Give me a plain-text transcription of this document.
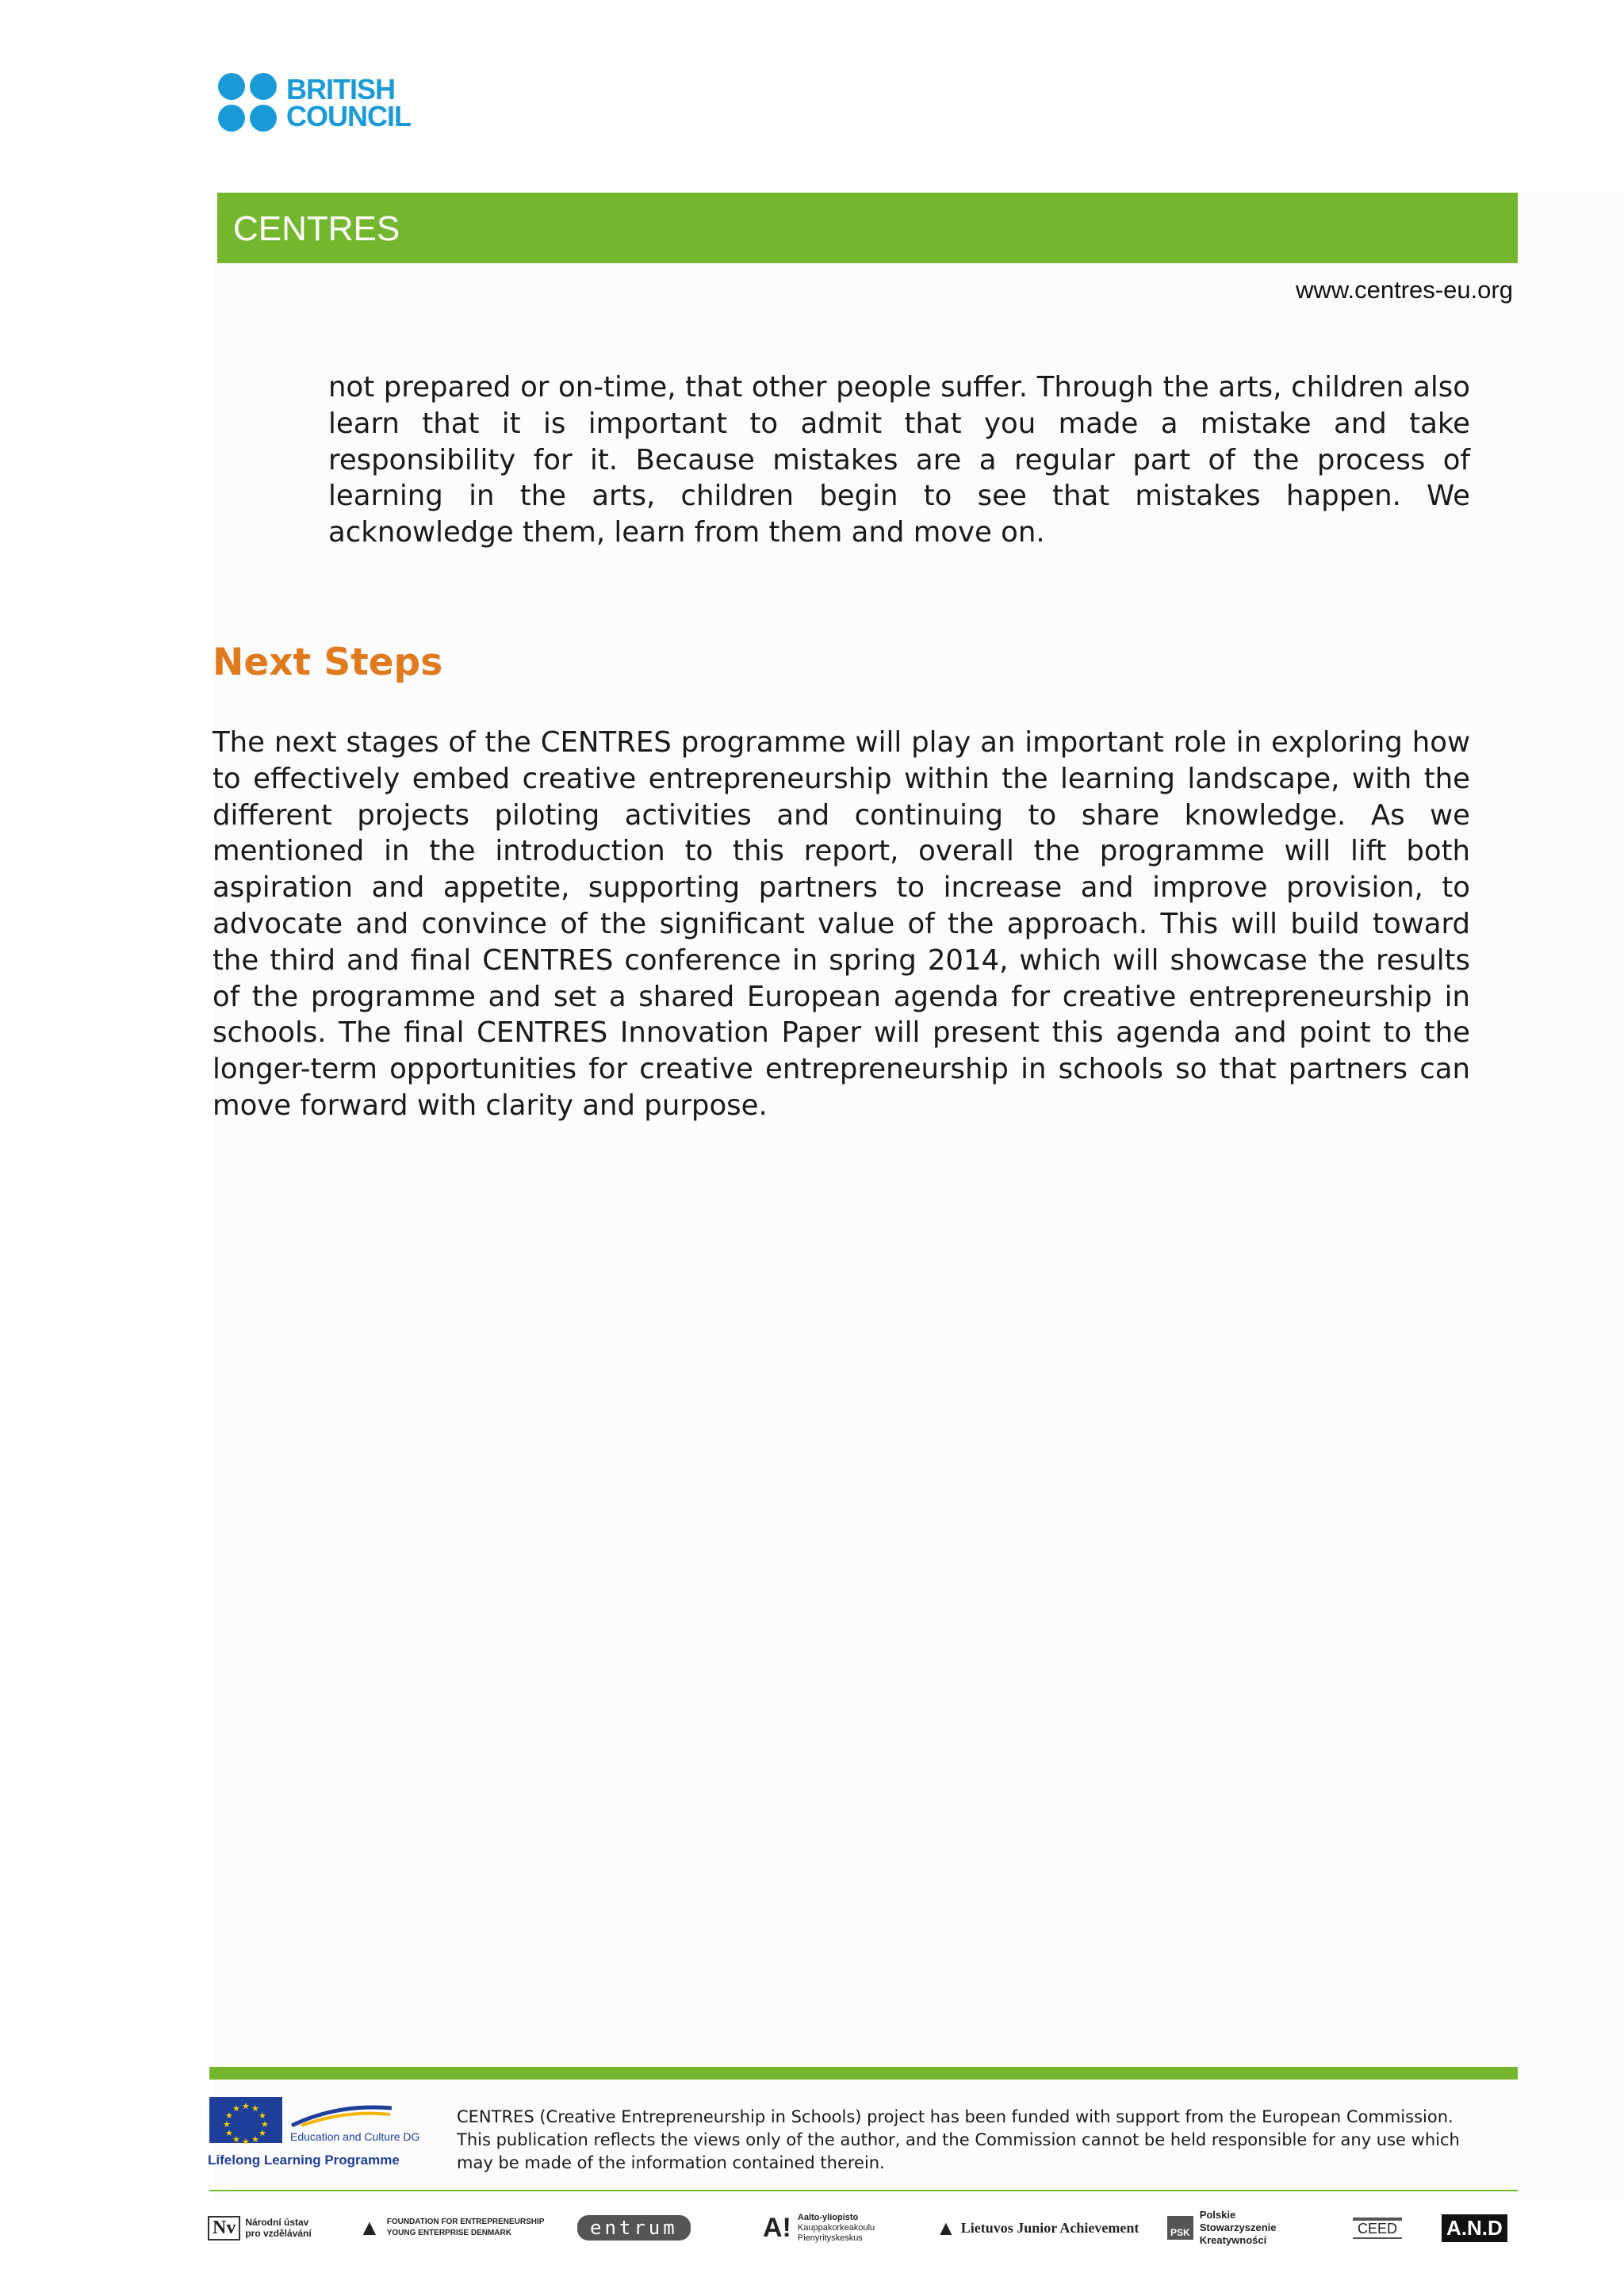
BRITISH
COUNCIL
CENTRES
www.centres-eu.org

not prepared or on-time, that other people suffer. Through the arts, children also learn that it is important to admit that you made a mistake and take responsibility for it. Because mistakes are a regular part of the process of learning in the arts, children begin to see that mistakes happen. We acknowledge them, learn from them and move on.

Next Steps

The next stages of the CENTRES programme will play an important role in exploring how to effectively embed creative entrepreneurship within the learning landscape, with the different projects piloting activities and continuing to share knowledge. As we mentioned in the introduction to this report, overall the programme will lift both aspiration and appetite, supporting partners to increase and improve provision, to advocate and convince of the significant value of the approach. This will build toward the third and final CENTRES conference in spring 2014, which will showcase the results of the programme and set a shared European agenda for creative entrepreneurship in schools. The final CENTRES Innovation Paper will present this agenda and point to the longer-term opportunities for creative entrepreneurship in schools so that partners can move forward with clarity and purpose.

★ ★
★
★
★
★
★
★
★
★
★
★
Education and Culture DG
Lifelong Learning Programme
CENTRES (Creative Entrepreneurship in Schools) project has been funded with support from the European Commission.
This publication reflects the views only of the author, and the Commission cannot be held responsible for any use which
may be made of the information contained therein.
Nv	Národní ústav
pro vzdělávání ▲ FOUNDATION FOR ENTREPRENEURSHIP
YOUNG ENTERPRISE DENMARK	entrum	A! Aalto-yliopisto
Kauppakorkeakoulu
Pienyrityskeskus	▲ Lietuvos Junior Achievement	PSK
Polskie
Stowarzyszenie
Kreatywności
CEED A.N.D
